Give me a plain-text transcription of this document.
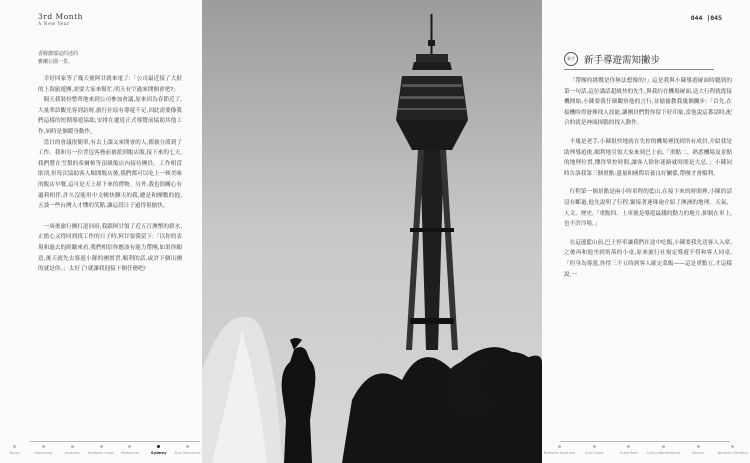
3rd Month
A New Year
香醇濃郁這的述的
雅蘭公園一景。

幸好回家等了幾天後阿甘就來電了:「公司最近接了大批的上海旅遊團,需要大家來幫忙,明天有空過來開個會吧?」

隔天我裝扮整齊地來到公司參加會議,原來因為春節近了,大量華語觀光客到訪時,旅行社原有導遊不足,因此需要像我們這樣的短期導遊協助,安排在遷返正式導覽前協助其他工作,屆時是個暖身動作。

當日的會議很簡單,有去上課又來開會的人,都被分派到了工作。我和另一位背包客務前被派到飯店服,接下來的七天,我們將在雪梨的希爾頓等頂級飯店內接待團員。工作相當貼別,但每次協助客人順開飯店後,我們都可以吃上一頓美味的飯店早餐,這可是天上掉下來的禮物。另外,我也很關心有適莉相伴,許久沒能用中文暢快聊天的我,總是和團數的抱,五談一些台灣人才懂的笑點,讓這段日子過得很愉快。

一周後旅行團打道回府,我跟阿甘領了近五百澳幣的薪水,正擔心又得回到找工作的日子時,阿甘要我留下:「以你的表現和過去的經驗來看,我們相信你應該有能力帶團,如果你願意,後天就先去導遊小隊的團實習,順利的話,或許下個出團的就是你。」太好了!就讓我迎接下個任務吧!

044 |045
新手 新手導遊需知撇步

「帶團的挑戰是你無法想像的!」這是我與小陳導遊碰面時聽到的第一句話,這位講話超級快的先生,與我約在機場碰面,送大行程就從接機開始,小陳要我仔細觀察他的言行,並偷偷教我幾個撇步:「首先,在接機時得發揮找人技能,讓團員們對你留下好印象,當他說這番話時,配合的就是神頭探腦的找人動作。

不幾是老手,小陳很快地就在失控的機場裡找到所有成員,介紹我是助理導遊後,順利地引領大家來到巴士前,「重點二、熟悉機場及景點的地理位置,懂得掌控時間,讓客人除你迷路就時間是大忌。」小陳同時告訴我第三個重點:盡量和國際培養良好關係,帶團才會順利。

行程第一個景點是兩小時車程的藍山,在接下來的時間裡,小陳的話沒有斷過,他先說明了行程,緊接著連珠砲介紹了澳洲的地理、天氣、人文、歷史,「重點四、上車後是導遊最錢的動力的地方,抑制在車上,也不許冷場。」

在這邊藍山前,巴士停車讓我們在途中吃飯,小陳要我先送客人入席,之後再和他坐到角落的小桌,原來旅行社規定導遊不得和客人同桌,「但身為導遊,你得三不五時到客人確定菜飯——這是重點五,才這樣說,一

Tainan	Kaohsiung	Australia	Brisbane Coast	Melbourne	Sydney	Blue Mountains	Brisbane Australia	Gold Coast	Great Reef	Cairns Wanderlands	Darwin	Northern Territory
